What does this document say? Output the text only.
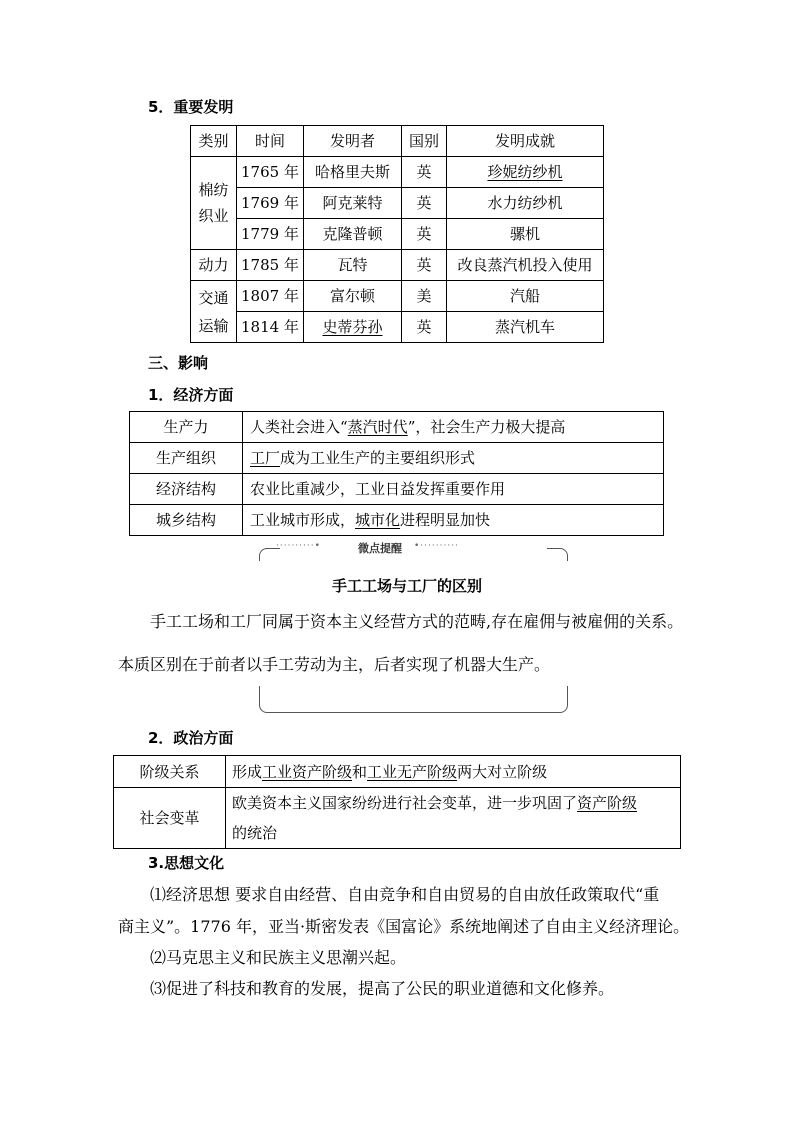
5．重要发明
类别	时间	发明者	国别	发明成就

棉纺
织业	1765 年	哈格里夫斯	英	珍妮纺纱机
	1769 年	阿克莱特	英	水力纺纱机
	1779 年	克隆普顿	英	骡机
动力	1785 年	瓦特	英	改良蒸汽机投入使用

交通
运输	1807 年	富尔顿	美	汽船
	1814 年	史蒂芬孙	英	蒸汽机车
三、影响
1．经济方面
生产力	人类社会进入“蒸汽时代”，社会生产力极大提高
生产组织	工厂成为工业生产的主要组织形式
经济结构	农业比重减少，工业日益发挥重要作用
城乡结构	工业城市形成，城市化进程明显加快
··········•	微点提醒 •··········
手工工场与工厂的区别
手工工场和工厂同属于资本主义经营方式的范畴,存在雇佣与被雇佣的关系。
本质区别在于前者以手工劳动为主，后者实现了机器大生产。
2．政治方面
阶级关系	形成工业资产阶级和工业无产阶级两大对立阶级
社会变革	欧美资本主义国家纷纷进行社会变革，进一步巩固了资产阶级
的统治
3.思想文化
⑴经济思想 要求自由经营、自由竞争和自由贸易的自由放任政策取代“重
商主义”。1776 年，亚当·斯密发表《国富论》系统地阐述了自由主义经济理论。
⑵马克思主义和民族主义思潮兴起。
⑶促进了科技和教育的发展，提高了公民的职业道德和文化修养。
